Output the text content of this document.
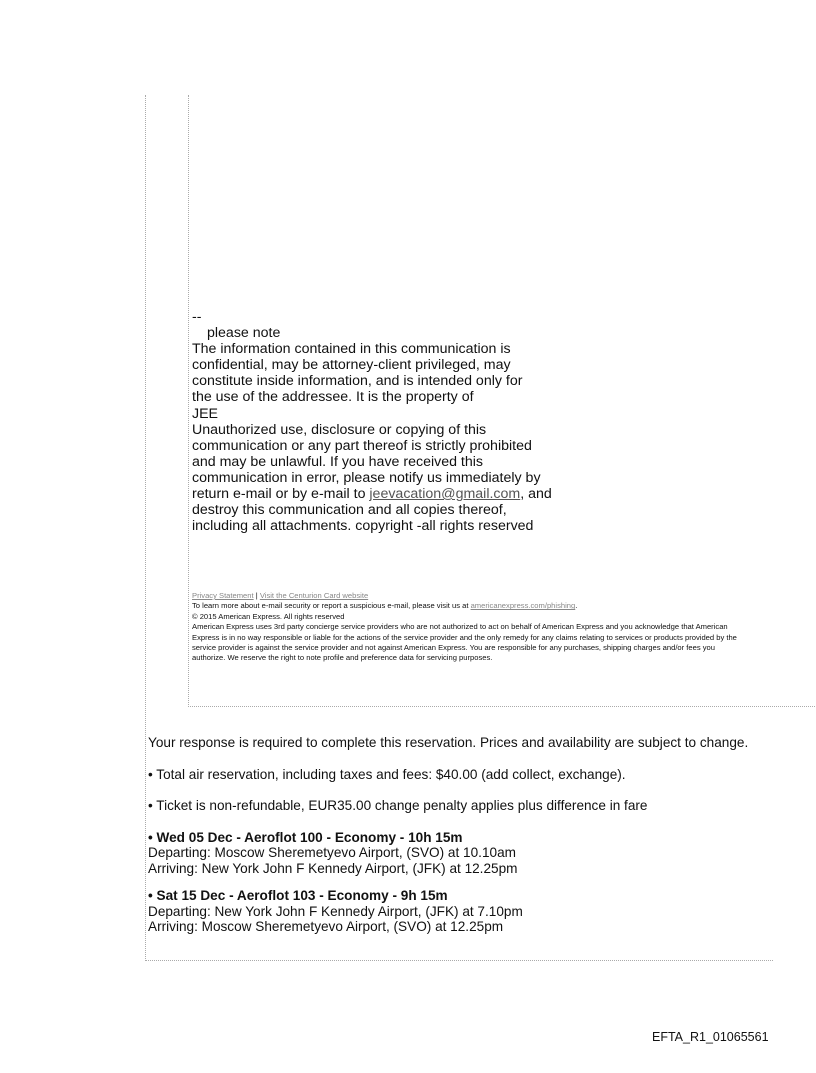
--
please note
The information contained in this communication is
confidential, may be attorney-client privileged, may
constitute inside information, and is intended only for
the use of the addressee. It is the property of
JEE
Unauthorized use, disclosure or copying of this
communication or any part thereof is strictly prohibited
and may be unlawful. If you have received this
communication in error, please notify us immediately by
return e-mail or by e-mail to jeevacation@gmail.com, and
destroy this communication and all copies thereof,
including all attachments. copyright -all rights reserved
Privacy Statement | Visit the Centurion Card website
To learn more about e-mail security or report a suspicious e-mail, please visit us at americanexpress.com/phishing.
© 2015 American Express. All rights reserved
American Express uses 3rd party concierge service providers who are not authorized to act on behalf of American Express and you acknowledge that American
Express is in no way responsible or liable for the actions of the service provider and the only remedy for any claims relating to services or products provided by the
service provider is against the service provider and not against American Express. You are responsible for any purchases, shipping charges and/or fees you
authorize. We reserve the right to note profile and preference data for servicing purposes.

Your response is required to complete this reservation. Prices and availability are subject to change.

• Total air reservation, including taxes and fees: $40.00 (add collect, exchange).

• Ticket is non-refundable, EUR35.00 change penalty applies plus difference in fare

• Wed 05 Dec - Aeroflot 100 - Economy - 10h 15m
Departing: Moscow Sheremetyevo Airport, (SVO) at 10.10am
Arriving: New York John F Kennedy Airport, (JFK) at 12.25pm
• Sat 15 Dec - Aeroflot 103 - Economy - 9h 15m
Departing: New York John F Kennedy Airport, (JFK) at 7.10pm
Arriving: Moscow Sheremetyevo Airport, (SVO) at 12.25pm
EFTA_R1_01065561
